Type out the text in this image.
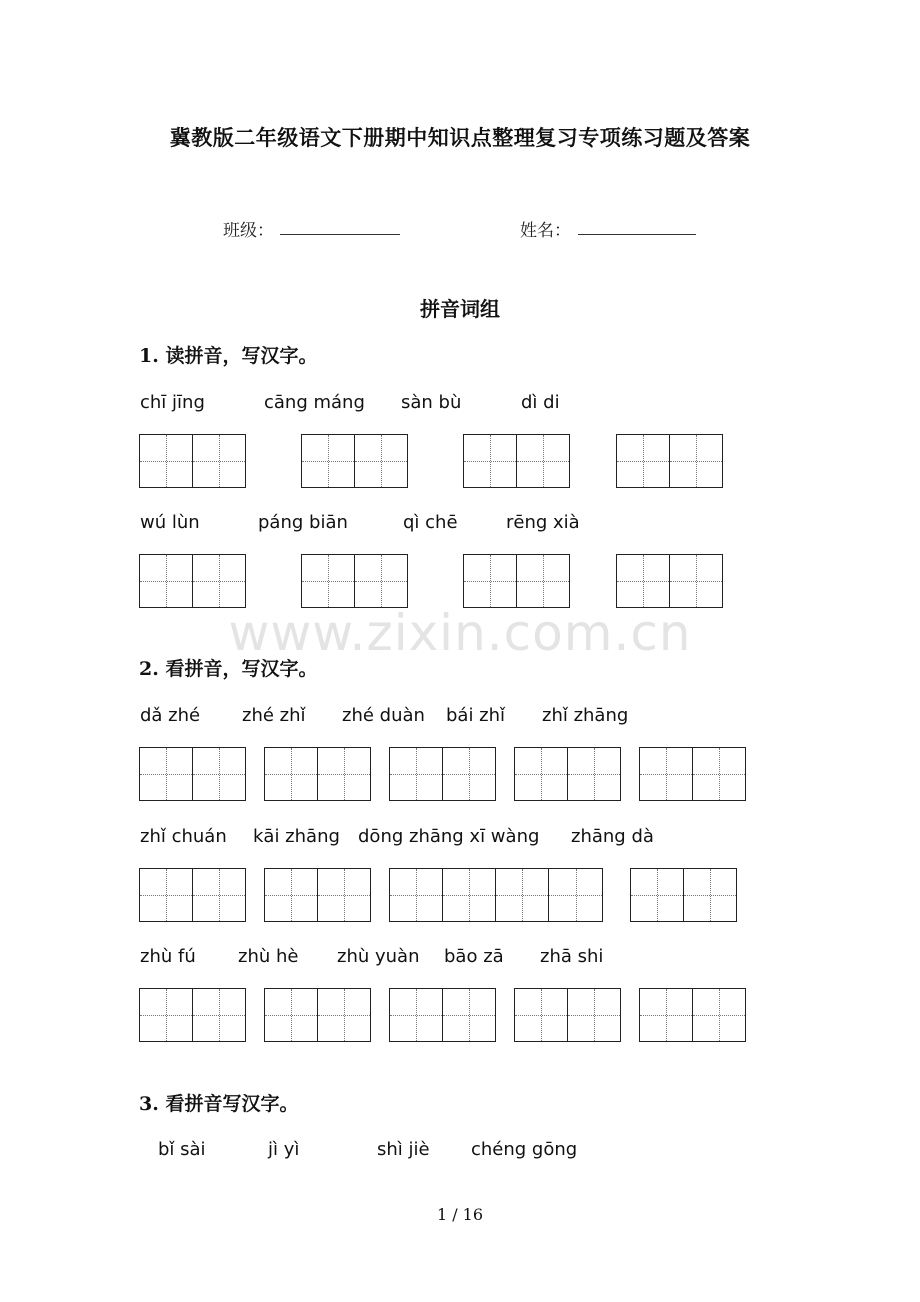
冀教版二年级语文下册期中知识点整理复习专项练习题及答案
班级：	姓名：
拼音词组
1. 读拼音，写汉字。
chī jīng	cāng máng sàn bù	dì di
wú lùn	páng biān	qì chē	rēng xià
2. 看拼音，写汉字。
dǎ zhé zhé zhǐ zhé duàn bái zhǐ zhǐ zhāng
zhǐ chuán kāi zhāng dōng zhāng xī wàng zhāng dà
zhù fú zhù hè zhù yuàn bāo zā zhā shi
3. 看拼音写汉字。
bǐ sài	jì yì	shì jiè chéng gōng
www.zixin.com.cn
1 / 16
